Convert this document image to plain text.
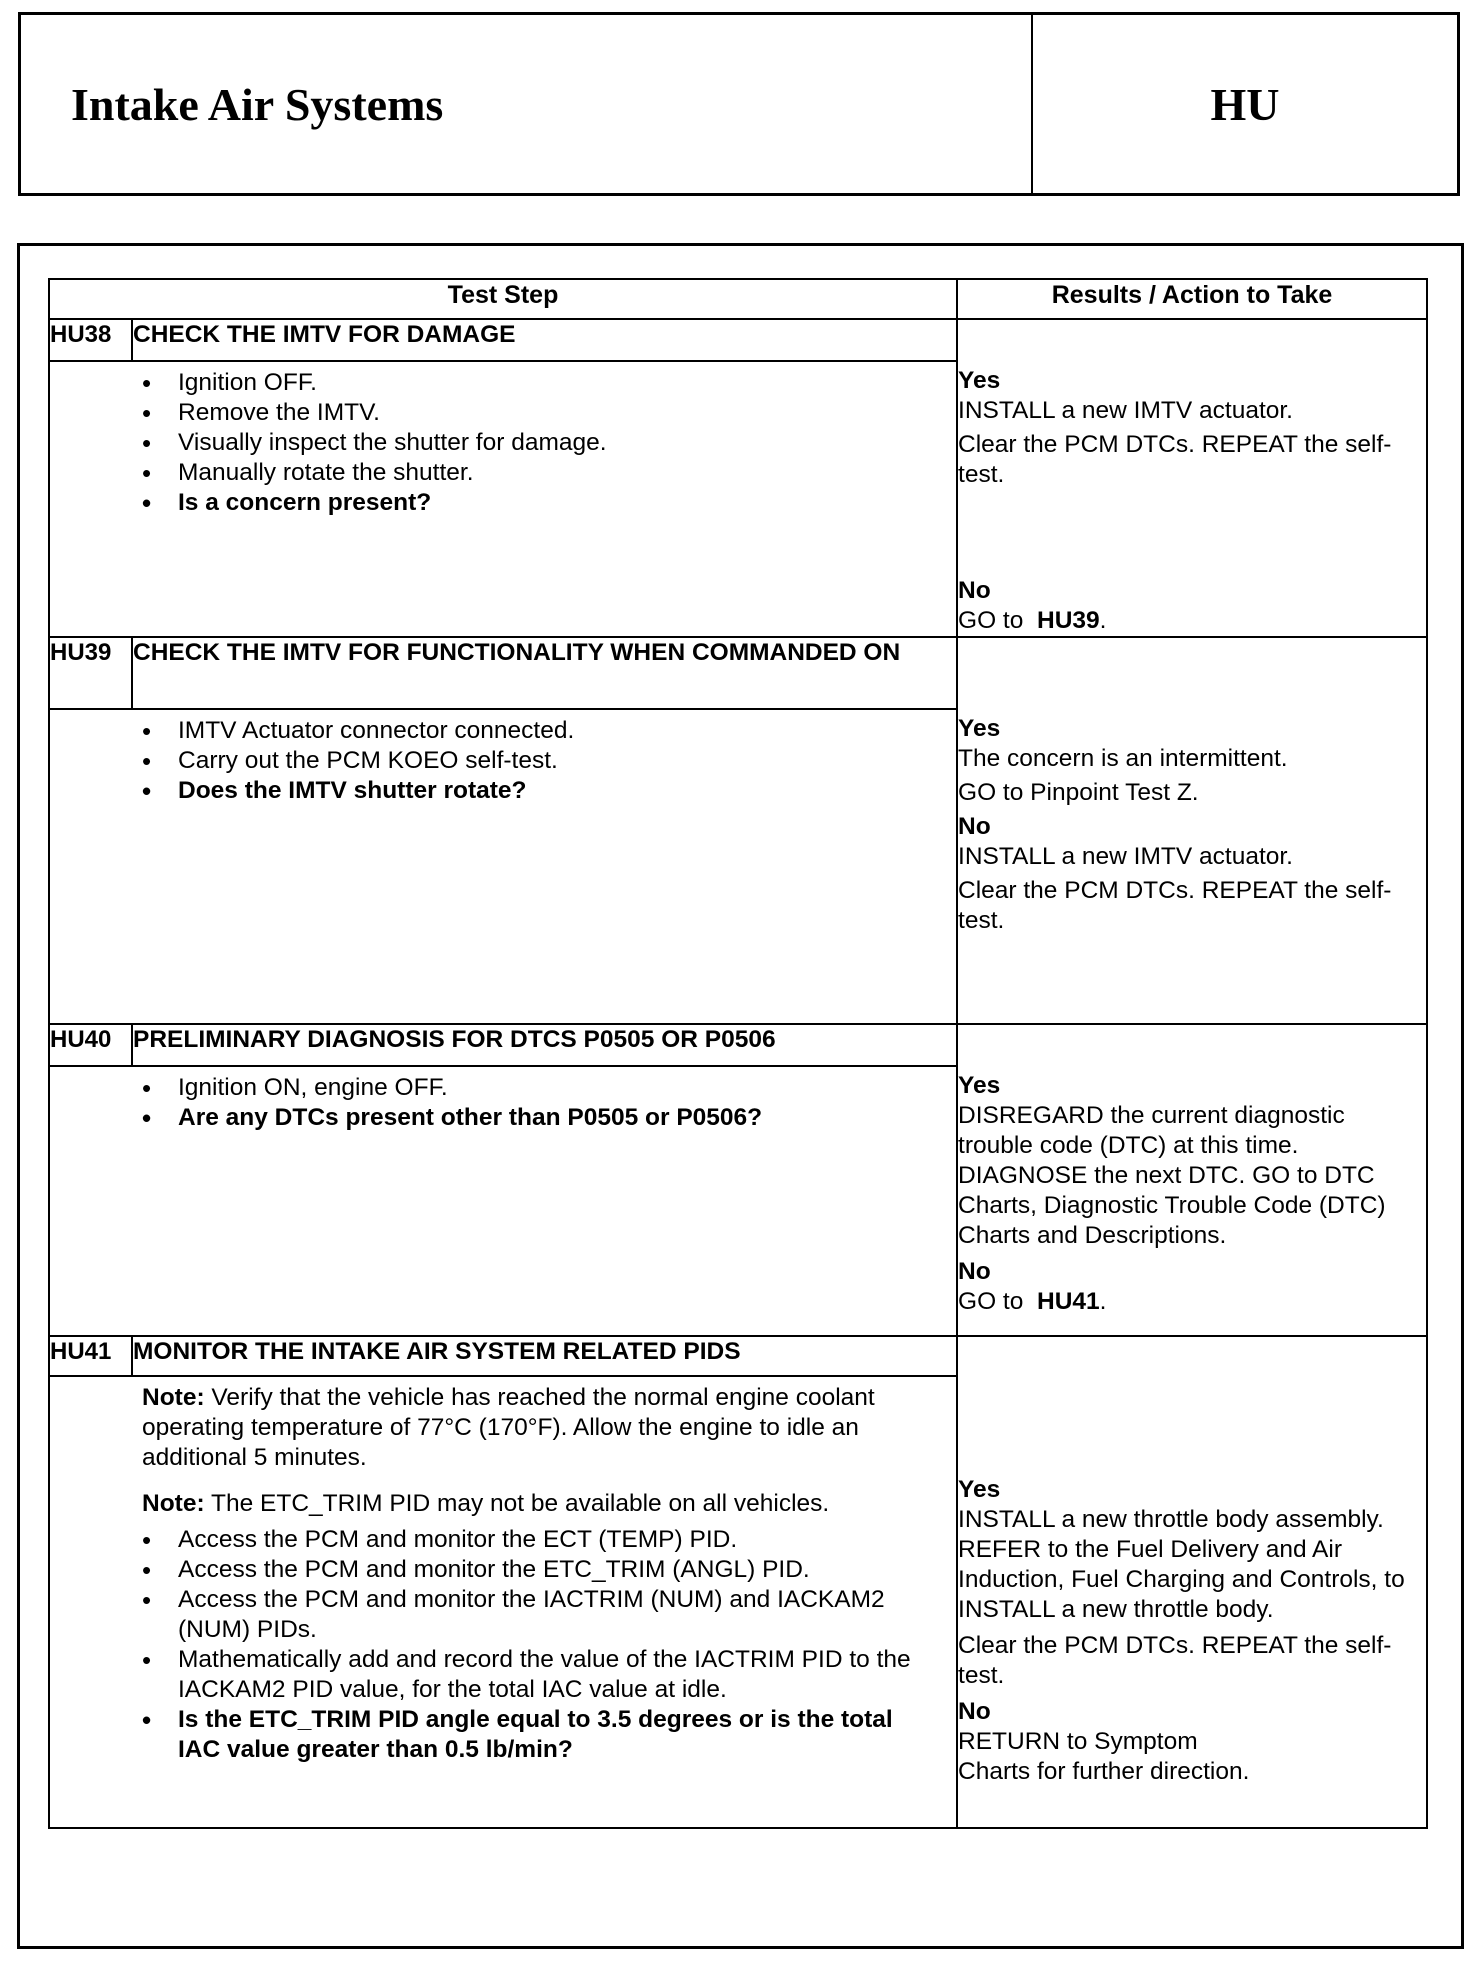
Intake Air Systems	HU
Test Step		Results / Action to Take
HU38	CHECK THE IMTV FOR DAMAGE	Yes
INSTALL a new IMTV actuator.
Clear the PCM DTCs. REPEAT the self-test.
No
GO to HU39.

• Ignition OFF.
• Remove the IMTV.
• Visually inspect the shutter for damage.
• Manually rotate the shutter.
• Is a concern present?

HU39	CHECK THE IMTV FOR FUNCTIONALITY WHEN COMMANDED ON	
Yes
The concern is an intermittent.
GO to Pinpoint Test Z.
No
INSTALL a new IMTV actuator.
Clear the PCM DTCs. REPEAT the self-test.

• IMTV Actuator connector connected.
• Carry out the PCM KOEO self-test.
• Does the IMTV shutter rotate?

HU40	PRELIMINARY DIAGNOSIS FOR DTCS P0505 OR P0506	Yes
DISREGARD the current diagnostic trouble code (DTC) at this time. DIAGNOSE the next DTC. GO to DTC Charts, Diagnostic Trouble Code (DTC) Charts and Descriptions.
No
GO to HU41.

• Ignition ON, engine OFF.
• Are any DTCs present other than P0505 or P0506?

HU41	MONITOR THE INTAKE AIR SYSTEM RELATED PIDS	Yes
INSTALL a new throttle body assembly. REFER to the Fuel Delivery and Air Induction, Fuel Charging and Controls, to INSTALL a new throttle body.
Clear the PCM DTCs. REPEAT the self-test.
No
RETURN to Symptom Charts for further direction.

Note: Verify that the vehicle has reached the normal engine coolant operating temperature of 77°C (170°F). Allow the engine to idle an additional 5 minutes.
Note: The ETC_TRIM PID may not be available on all vehicles.
• Access the PCM and monitor the ECT (TEMP) PID.
• Access the PCM and monitor the ETC_TRIM (ANGL) PID.
• Access the PCM and monitor the IACTRIM (NUM) and IACKAM2 (NUM) PIDs.
• Mathematically add and record the value of the IACTRIM PID to the IACKAM2 PID value, for the total IAC value at idle.
• Is the ETC_TRIM PID angle equal to 3.5 degrees or is the total IAC value greater than 0.5 lb/min?
